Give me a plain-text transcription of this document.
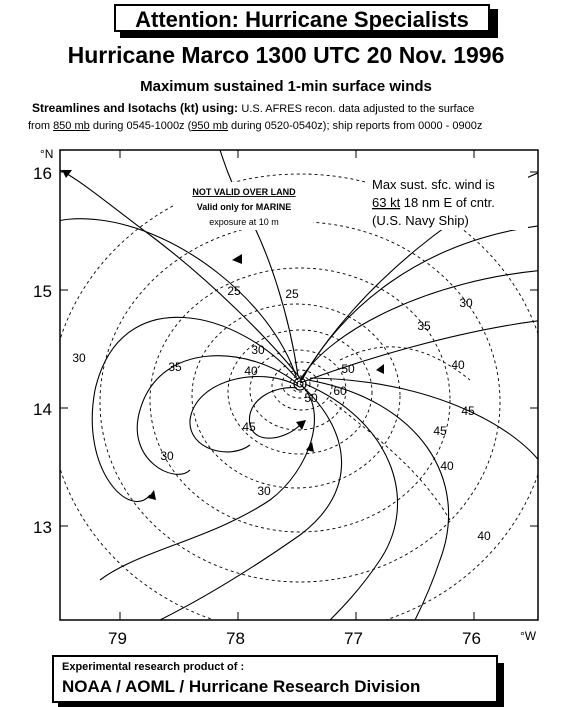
Attention: Hurricane Specialists
Hurricane Marco 1300 UTC 20 Nov. 1996
Maximum sustained 1-min surface winds
Streamlines and Isotachs (kt) using: U.S. AFRES recon. data adjusted to the surface
from 850 mb during 0545-1000z (950 mb during 0520-0540z); ship reports from 0000 - 0900z
16
15
14
13
°N
79	78	77	76	°W
25	25
30
35
30
40
45
30
30
30
35
40
45
50
60
50
40
45
40
NOT VALID OVER LAND
Valid only for MARINE
exposure at 10 m
Max sust. sfc. wind is
63 kt 18 nm E of cntr.
(U.S. Navy Ship)
Experimental research product of :
NOAA / AOML / Hurricane Research Division
